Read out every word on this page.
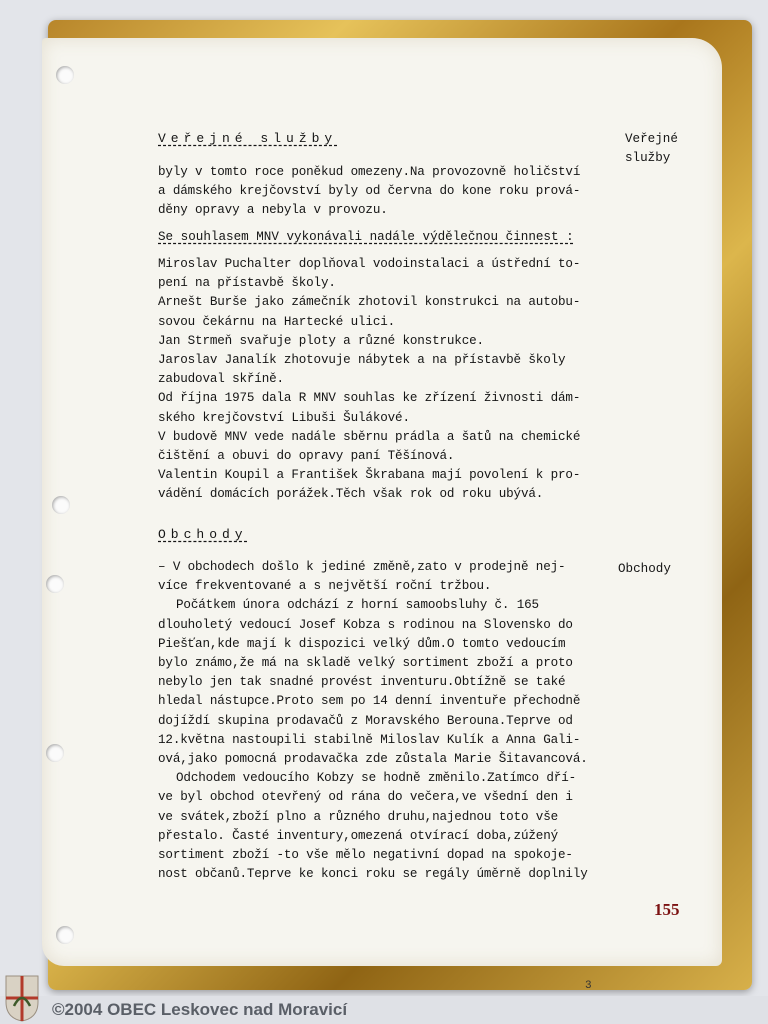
Veřejné služby	Veřejné
služby

byly v tomto roce poněkud omezeny.Na provozovně holičství

a dámského krejčovství byly od června do kone roku prová-

děny opravy a nebyla v provozu.

Se souhlasem MNV vykonávali nadále výdělečnou činnest :

Miroslav Puchalter doplňoval vodoinstalaci a ústřední to-

pení na přístavbě školy.

Arnešt Burše jako zámečník zhotovil konstrukci na autobu-

sovou čekárnu na Hartecké ulici.

Jan Strmeň svařuje ploty a různé konstrukce.

Jaroslav Janalík zhotovuje nábytek a na přístavbě školy

zabudoval skříně.

Od října 1975 dala R MNV souhlas ke zřízení živnosti dám-

ského krejčovství Libuši Šulákové.

V budově MNV vede nadále sběrnu prádla a šatů na chemické

čištění a obuvi do opravy paní Těšínová.

Valentin Koupil a František Škrabana mají povolení k pro-

vádění domácích porážek.Těch však rok od roku ubývá.

Obchody
Obchody

– V obchodech došlo k jediné změně,zato v prodejně nej-

více frekventované a s největší roční tržbou.

Počátkem února odchází z horní samoobsluhy č. 165

dlouholetý vedoucí Josef Kobza s rodinou na Slovensko do

Piešťan,kde mají k dispozici velký dům.O tomto vedoucím

bylo známo,že má na skladě velký sortiment zboží a proto

nebylo jen tak snadné provést inventuru.Obtížně se také

hledal nástupce.Proto sem po 14 denní inventuře přechodně

dojíždí skupina prodavačů z Moravského Berouna.Teprve od

12.května nastoupili stabilně Miloslav Kulík a Anna Gali-

ová,jako pomocná prodavačka zde zůstala Marie Šitavancová.

Odchodem vedoucího Kobzy se hodně změnilo.Zatímco dří-

ve byl obchod otevřený od rána do večera,ve všední den i

ve svátek,zboží plno a různého druhu,najednou toto vše

přestalo. Časté inventury,omezená otvírací doba,zúžený

sortiment zboží -to vše mělo negativní dopad na spokoje-

nost občanů.Teprve ke konci roku se regály úměrně doplnily

155
3
©2004 OBEC Leskovec nad Moravicí
